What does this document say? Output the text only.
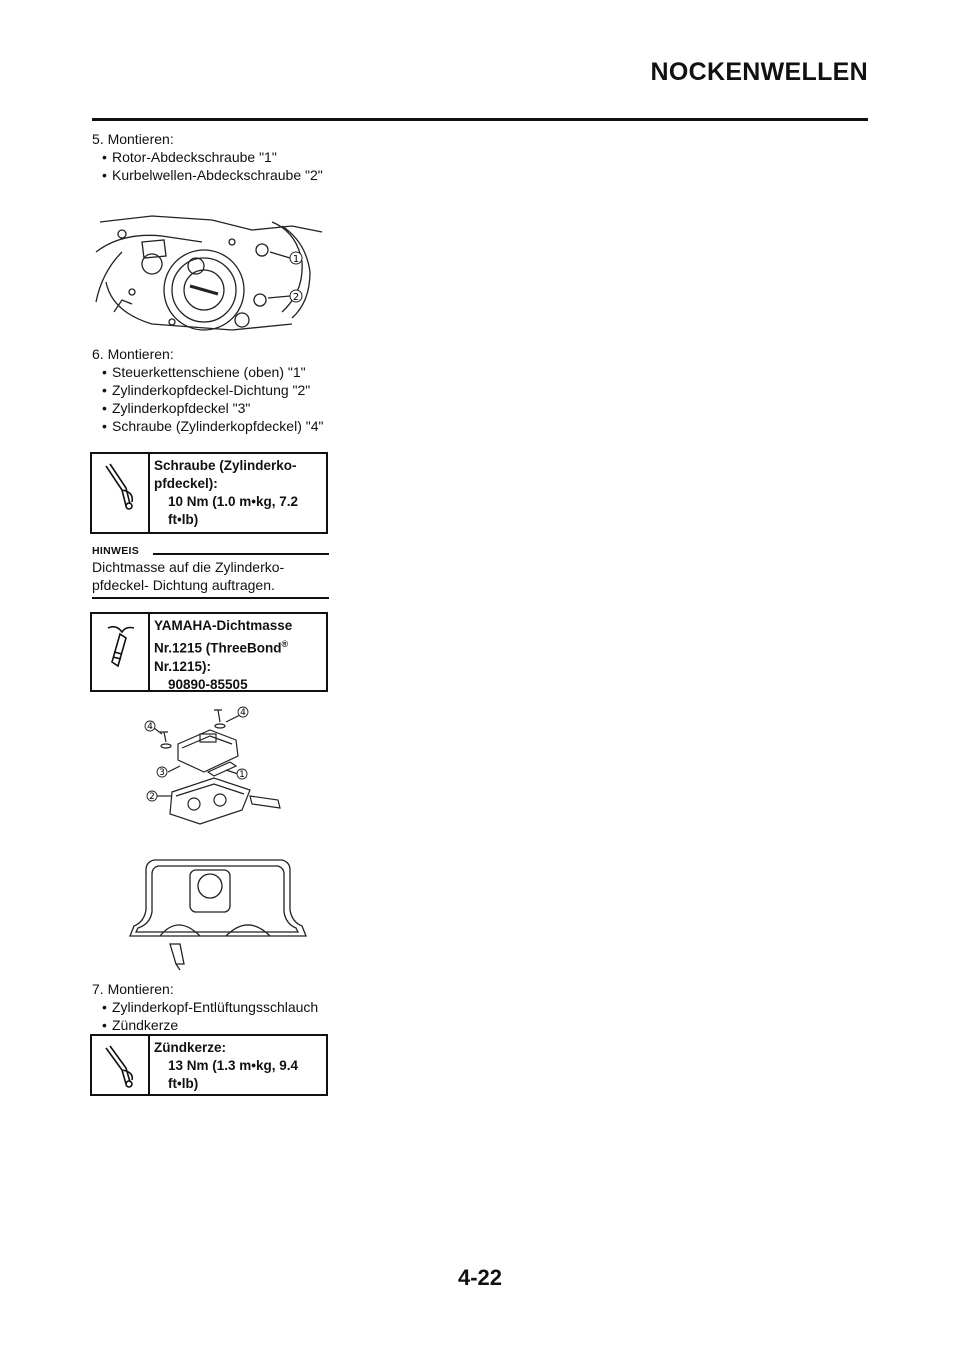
NOCKENWELLEN
5. Montieren:
• Rotor-Abdeckschraube "1"
• Kurbelwellen-Abdeckschraube "2"
1
2
6. Montieren:
• Steuerkettenschiene (oben) "1"
• Zylinderkopfdeckel-Dichtung "2"
• Zylinderkopfdeckel "3"
• Schraube (Zylinderkopfdeckel) "4"
Schraube (Zylinderko- pfdeckel):
10 Nm (1.0 m•kg, 7.2 ft•lb)
HINWEIS
Dichtmasse auf die Zylinderko- pfdeckel- Dichtung auftragen.
YAMAHA-Dichtmasse
Nr.1215 (ThreeBond®
Nr.1215):
90890-85505
4
4
3	1
2
7. Montieren:
• Zylinderkopf-Entlüftungsschlauch
• Zündkerze
Zündkerze:
13 Nm (1.3 m•kg, 9.4 ft•lb)
4-22
